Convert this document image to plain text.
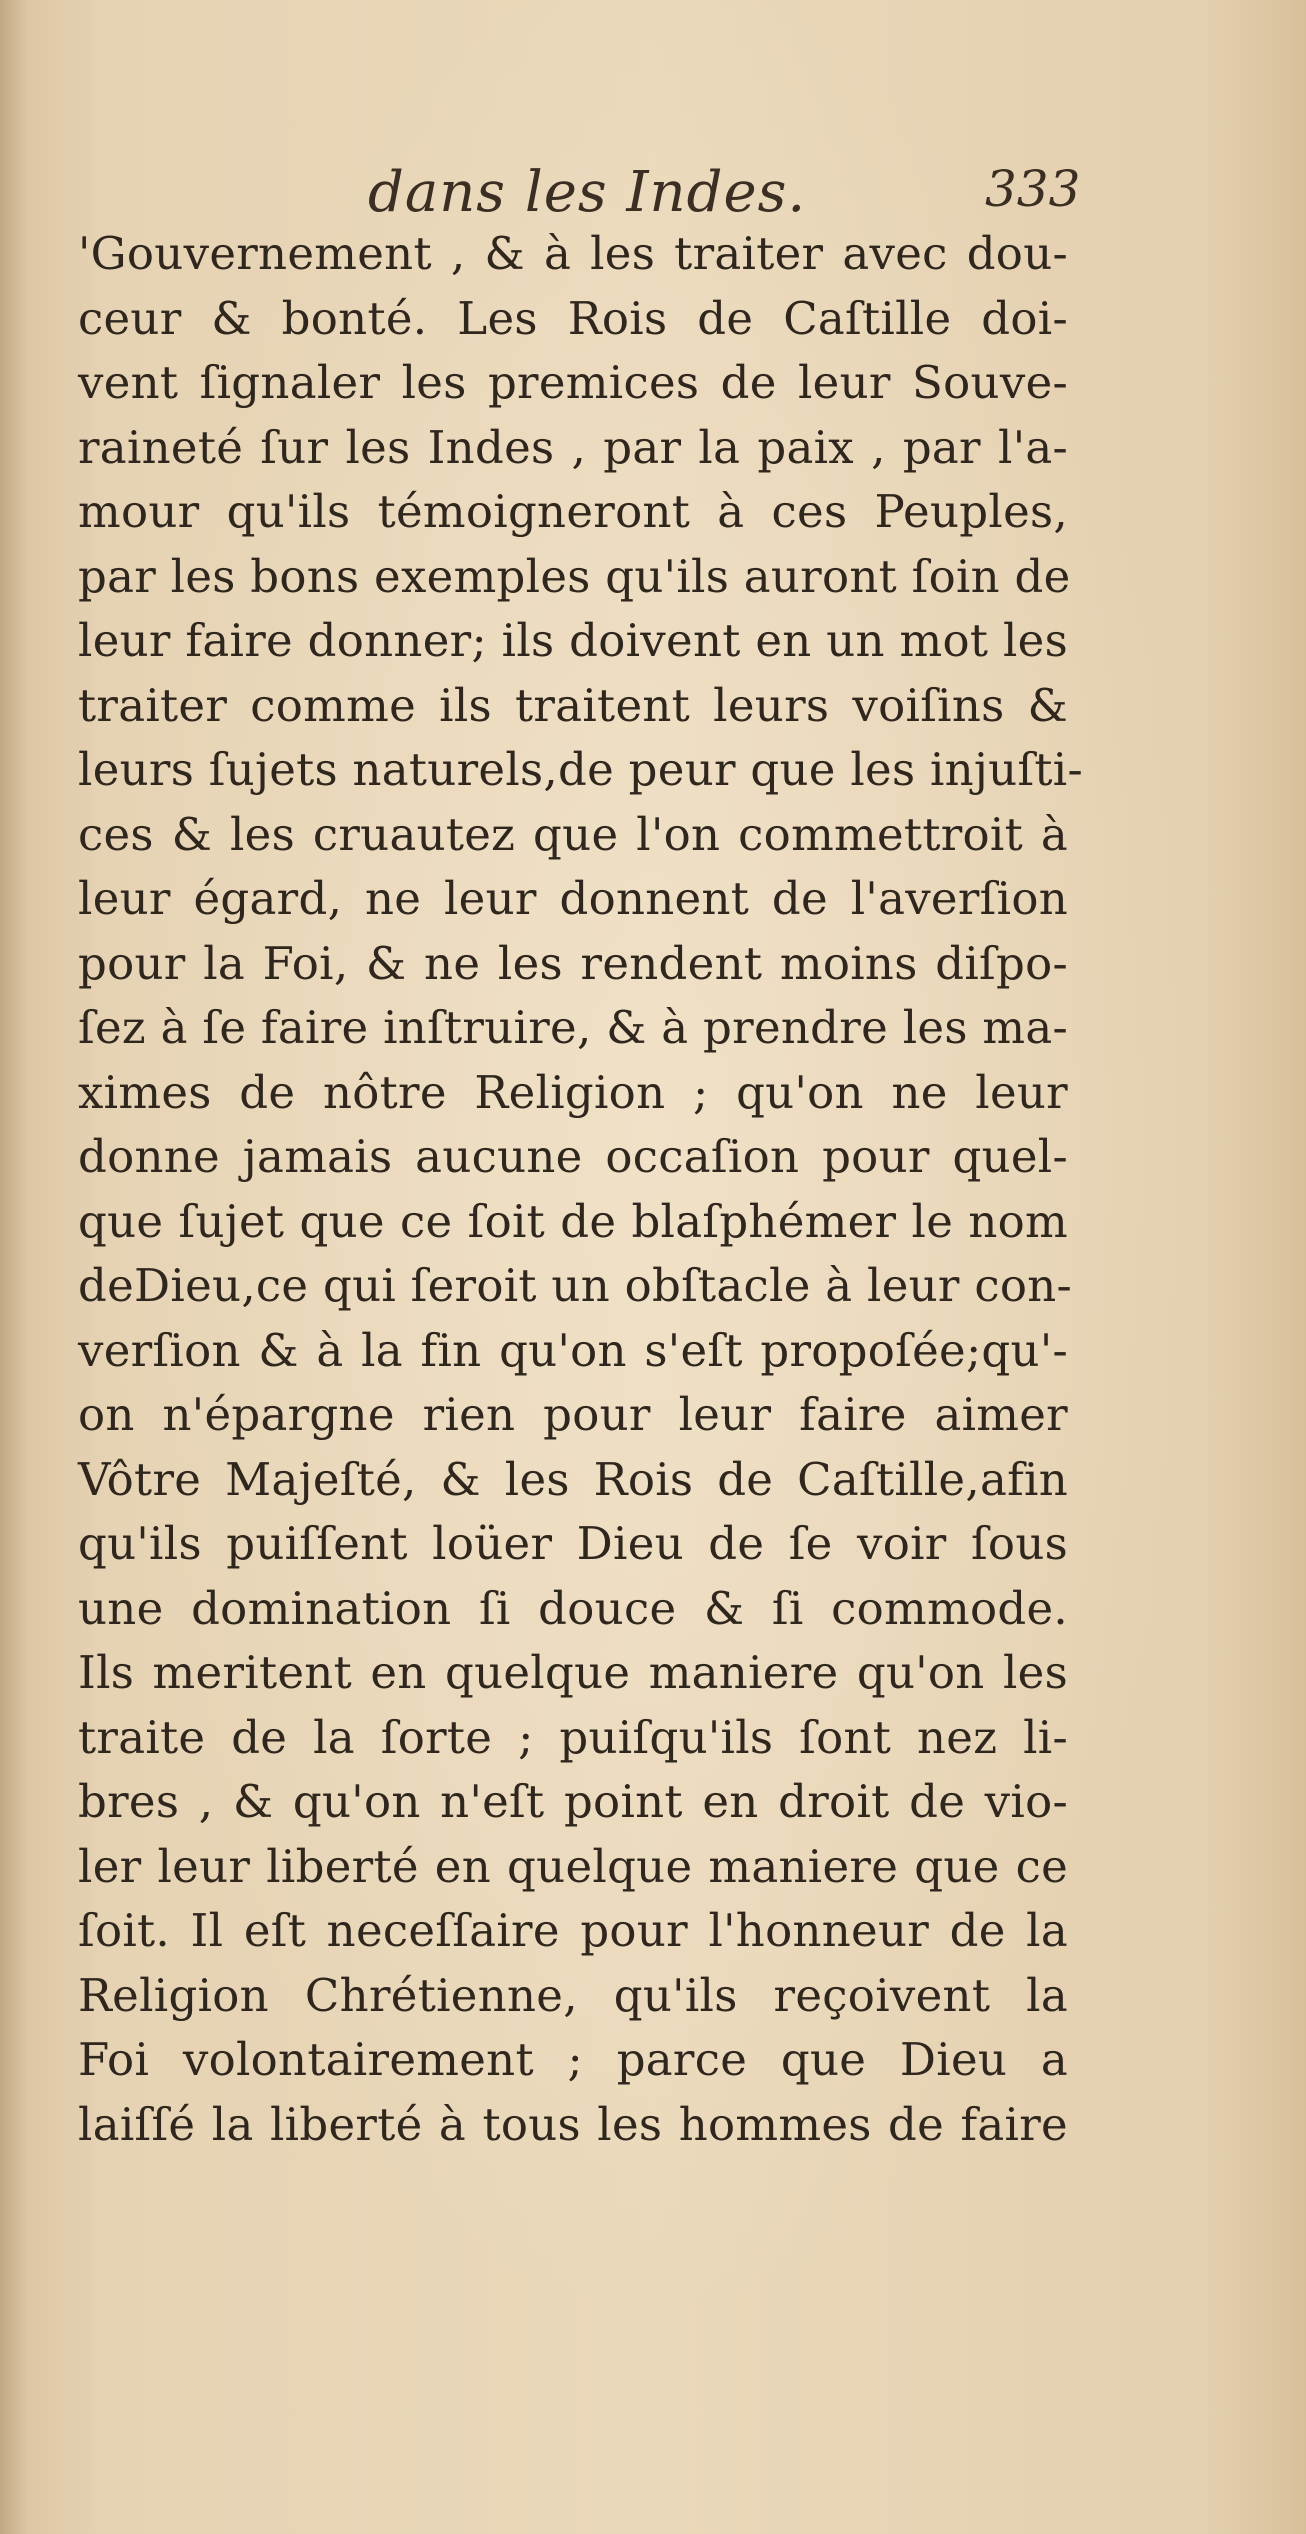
dans les Indes.	333
'Gouvernement , & à les traiter avec dou-
ceur & bonté. Les Rois de Caſtille doi-
vent ſignaler les premices de leur Souve-
raineté ſur les Indes , par la paix , par l'a-
mour qu'ils témoigneront à ces Peuples,
par les bons exemples qu'ils auront ſoin de
leur faire donner; ils doivent en un mot les
traiter comme ils traitent leurs voiſins &
leurs ſujets naturels,de peur que les injuſti-
ces & les cruautez que l'on commettroit à
leur égard, ne leur donnent de l'averſion
pour la Foi, & ne les rendent moins diſpo-
ſez à ſe faire inſtruire, & à prendre les ma-
ximes de nôtre Religion ; qu'on ne leur
donne jamais aucune occaſion pour quel-
que ſujet que ce ſoit de blaſphémer le nom
deDieu,ce qui ſeroit un obſtacle à leur con-
verſion & à la fin qu'on s'eſt propoſée;qu'-
on n'épargne rien pour leur faire aimer
Vôtre Majeſté, & les Rois de Caſtille,afin
qu'ils puiſſent loüer Dieu de ſe voir ſous
une domination ſi douce & ſi commode.
Ils meritent en quelque maniere qu'on les
traite de la ſorte ; puiſqu'ils ſont nez li-
bres , & qu'on n'eſt point en droit de vio-
ler leur liberté en quelque maniere que ce
ſoit. Il eſt neceſſaire pour l'honneur de la
Religion Chrétienne, qu'ils reçoivent la
Foi volontairement ; parce que Dieu a
laiſſé la liberté à tous les hommes de faire
